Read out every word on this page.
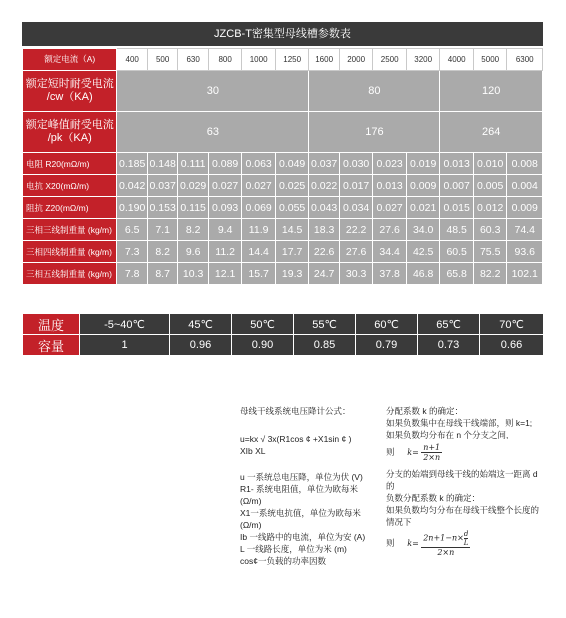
JZCB-T密集型母线槽参数表
额定电流（A)	400	500	630	800	1000	1250	1600	2000	2500	3200	4000	5000	6300
额定短时耐受电流
/cw（KA)	30						80				120		
额定峰值耐受电流
/pk（KA)	63						176				264		
电阻 R20(mΩ/m)	0.185	0.148	0.111	0.089	0.063	0.049	0.037	0.030	0.023	0.019	0.013	0.010	0.008
电抗 X20(mΩ/m)	0.042	0.037	0.029	0.027	0.027	0.025	0.022	0.017	0.013	0.009	0.007	0.005	0.004
阻抗 Z20(mΩ/m)	0.190	0.153	0.115	0.093	0.069	0.055	0.043	0.034	0.027	0.021	0.015	0.012	0.009
三相三线制重量 (kg/m)	6.5	7.1	8.2	9.4	11.9	14.5	18.3	22.2	27.6	34.0	48.5	60.3	74.4
三相四线制重量 (kg/m)	7.3	8.2	9.6	11.2	14.4	17.7	22.6	27.6	34.4	42.5	60.5	75.5	93.6
三相五线制重量 (kg/m)	7.8	8.7	10.3	12.1	15.7	19.3	24.7	30.3	37.8	46.8	65.8	82.2	102.1
温度	-5~40℃	45℃	50℃	55℃	60℃	65℃	70℃
容量	1	0.96	0.90	0.85	0.79	0.73	0.66

母线干线系统电压降计公式：

u=kx √ 3x(R1cos ¢ +X1sin ¢ )

XIb XL

u 一系统总电压降，单位为伏 (V)

R1- 系统电阻值，单位为欧每米 (Ω/m)

X1一系统电抗值，单位为欧每米 (Ω/m)

Ib 一线路中的电流，单位为安 (A)

L 一线路长度，单位为米 (m)

cos¢一负载的功率因数

分配系数 k 的确定：

如果负数集中在母线干线端部，则 k=1;

如果负数均分布在 n 个分支之间,

则 $k= \frac{n+1}{2\times n}$

分支的始端到母线干线的始端这一距离 d 的

负数分配系数 k 的确定：

如果负数均匀分布在母线干线整个长度的情况下

则 $k= \frac{2n+1-n\times \frac{d}{L}}{2\times n}$
